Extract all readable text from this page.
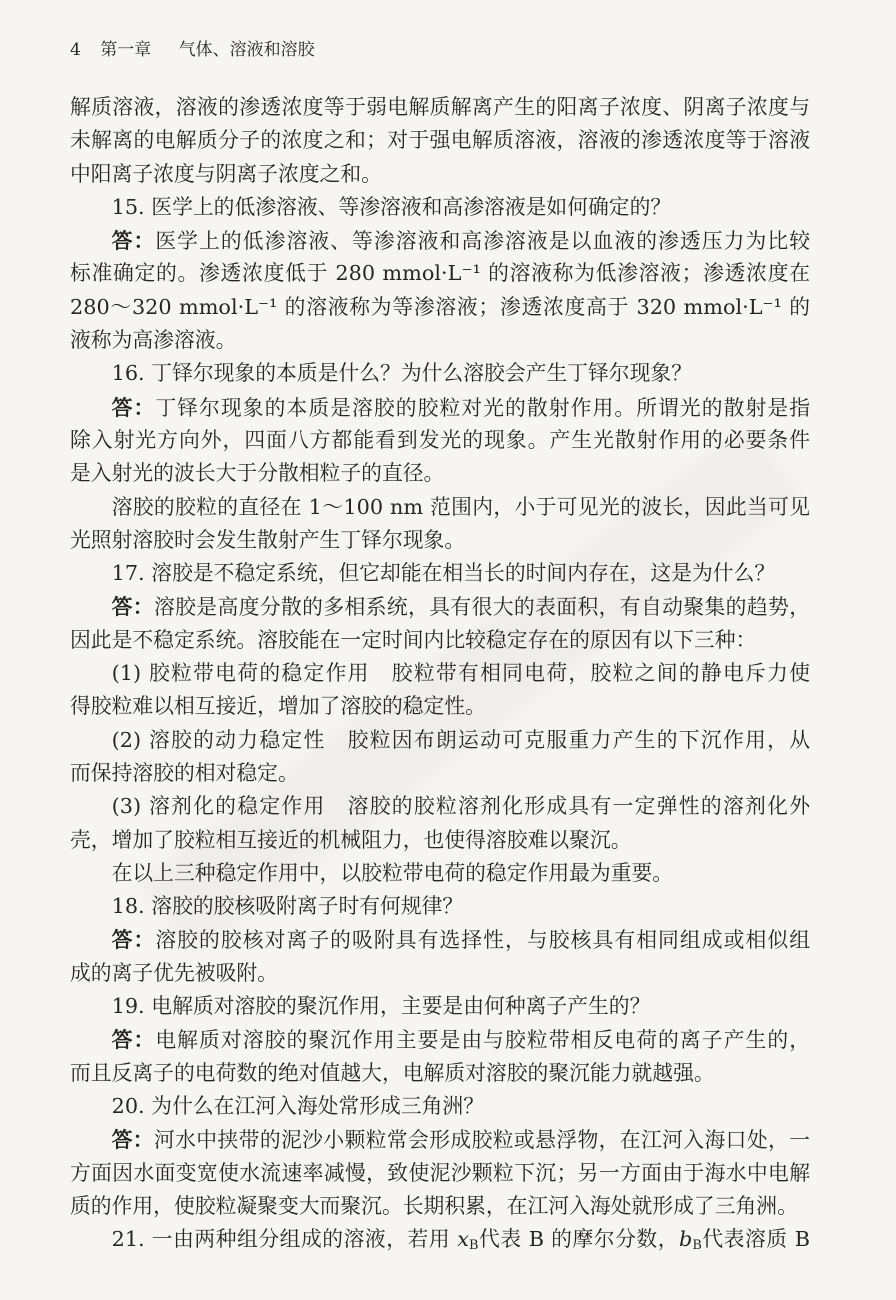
4 第一章 气体、溶液和溶胶
解质溶液，溶液的渗透浓度等于弱电解质解离产生的阳离子浓度、阴离子浓度与
未解离的电解质分子的浓度之和；对于强电解质溶液，溶液的渗透浓度等于溶液
中阳离子浓度与阴离子浓度之和。
15. 医学上的低渗溶液、等渗溶液和高渗溶液是如何确定的？
答：医学上的低渗溶液、等渗溶液和高渗溶液是以血液的渗透压力为比较
标准确定的。渗透浓度低于 280 mmol·L⁻¹ 的溶液称为低渗溶液；渗透浓度在
280～320 mmol·L⁻¹ 的溶液称为等渗溶液；渗透浓度高于 320 mmol·L⁻¹ 的
液称为高渗溶液。
16. 丁铎尔现象的本质是什么？为什么溶胶会产生丁铎尔现象？
答：丁铎尔现象的本质是溶胶的胶粒对光的散射作用。所谓光的散射是指
除入射光方向外，四面八方都能看到发光的现象。产生光散射作用的必要条件
是入射光的波长大于分散相粒子的直径。
溶胶的胶粒的直径在 1～100 nm 范围内，小于可见光的波长，因此当可见
光照射溶胶时会发生散射产生丁铎尔现象。
17. 溶胶是不稳定系统，但它却能在相当长的时间内存在，这是为什么？
答：溶胶是高度分散的多相系统，具有很大的表面积，有自动聚集的趋势，
因此是不稳定系统。溶胶能在一定时间内比较稳定存在的原因有以下三种：
(1) 胶粒带电荷的稳定作用　胶粒带有相同电荷，胶粒之间的静电斥力使
得胶粒难以相互接近，增加了溶胶的稳定性。
(2) 溶胶的动力稳定性　胶粒因布朗运动可克服重力产生的下沉作用，从
而保持溶胶的相对稳定。
(3) 溶剂化的稳定作用　溶胶的胶粒溶剂化形成具有一定弹性的溶剂化外
壳，增加了胶粒相互接近的机械阻力，也使得溶胶难以聚沉。
在以上三种稳定作用中，以胶粒带电荷的稳定作用最为重要。
18. 溶胶的胶核吸附离子时有何规律？
答：溶胶的胶核对离子的吸附具有选择性，与胶核具有相同组成或相似组
成的离子优先被吸附。
19. 电解质对溶胶的聚沉作用，主要是由何种离子产生的？
答：电解质对溶胶的聚沉作用主要是由与胶粒带相反电荷的离子产生的，
而且反离子的电荷数的绝对值越大，电解质对溶胶的聚沉能力就越强。
20. 为什么在江河入海处常形成三角洲？
答：河水中挟带的泥沙小颗粒常会形成胶粒或悬浮物，在江河入海口处，一
方面因水面变宽使水流速率减慢，致使泥沙颗粒下沉；另一方面由于海水中电解
质的作用，使胶粒凝聚变大而聚沉。长期积累，在江河入海处就形成了三角洲。
21. 一由两种组分组成的溶液，若用 $x_B$代表 B 的摩尔分数，$b_B$代表溶质 B
